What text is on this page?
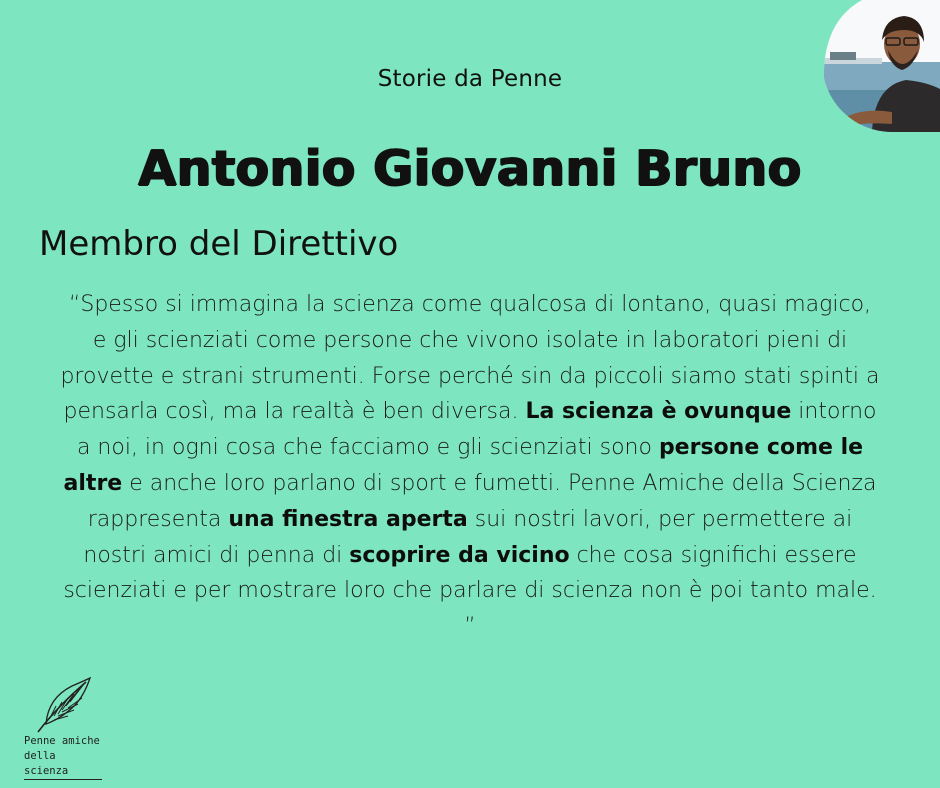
Storie da Penne
Antonio Giovanni Bruno
Membro del Direttivo
“Spesso si immagina la scienza come qualcosa di lontano, quasi magico, e gli scienziati come persone che vivono isolate in laboratori pieni di provette e strani strumenti. Forse perché sin da piccoli siamo stati spinti a pensarla così, ma la realtà è ben diversa. La scienza è ovunque intorno a noi, in ogni cosa che facciamo e gli scienziati sono persone come le altre e anche loro parlano di sport e fumetti. Penne Amiche della Scienza rappresenta una finestra aperta sui nostri lavori, per permettere ai nostri amici di penna di scoprire da vicino che cosa significhi essere scienziati e per mostrare loro che parlare di scienza non è poi tanto male. ”
Penne amiche
della scienza
